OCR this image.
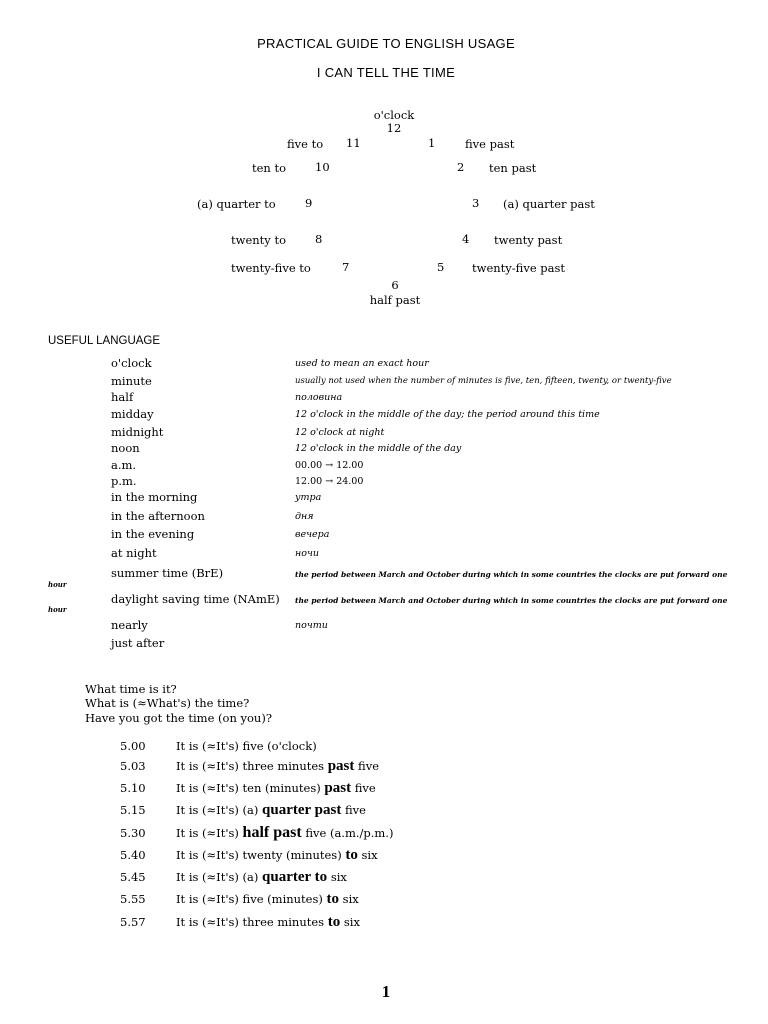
PRACTICAL GUIDE TO ENGLISH USAGE
I CAN TELL THE TIME
o'clock
12
five to 11	1	five past
ten to	10	2 ten past
(a) quarter to	9	3 (a) quarter past
twenty to	8	4 twenty past
twenty-five to	7	5 twenty-five past
6
half past
USEFUL LANGUAGE
o'clock	used to mean an exact hour
minute	usually not used when the number of minutes is five, ten, fifteen, twenty, or twenty-five
half	половина
midday	12 o'clock in the middle of the day; the period around this time
midnight	12 o'clock at night
noon	12 o'clock in the middle of the day
a.m.	00.00 → 12.00
p.m.	12.00 → 24.00
in the morning	утра
in the afternoon	дня
in the evening	вечера
at night	ночи
summer time (BrE)	the period between March and October during which in some countries the clocks are put forward one
hour
daylight saving time (NAmE) the period between March and October during which in some countries the clocks are put forward one
hour
nearly	почти
just after
What time is it?
What is (≈What's) the time?
Have you got the time (on you)?
5.00	It is (≈It's) five (o'clock)
5.03	It is (≈It's) three minutes past five
5.10	It is (≈It's) ten (minutes) past five
5.15	It is (≈It's) (a) quarter past five
5.30	It is (≈It's) half past five (a.m./p.m.)
5.40	It is (≈It's) twenty (minutes) to six
5.45	It is (≈It's) (a) quarter to six
5.55	It is (≈It's) five (minutes) to six
5.57	It is (≈It's) three minutes to six
1
